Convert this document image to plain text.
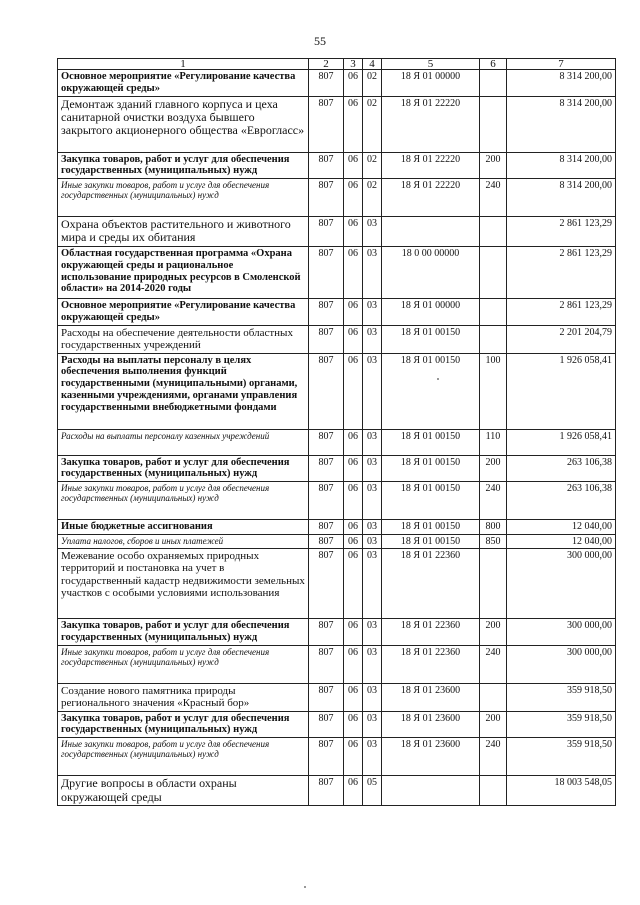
55
1	2	3	4	5	6	7
Основное мероприятие «Регулирование качества окружающей среды»	807	06	02	18 Я 01 00000		8 314 200,00
Демонтаж зданий главного корпуса и цеха санитарной очистки воздуха бывшего закрытого акционерного общества «Еврогласс»	807	06	02	18 Я 01 22220		8 314 200,00
Закупка товаров, работ и услуг для обеспечения государственных (муниципальных) нужд	807	06	02	18 Я 01 22220	200	8 314 200,00
Иные закупки товаров, работ и услуг для обеспечения государственных (муниципальных) нужд	807	06	02	18 Я 01 22220	240	8 314 200,00
Охрана объектов растительного и животного мира и среды их обитания	807	06	03			2 861 123,29
Областная государственная программа «Охрана окружающей среды и рациональное использование природных ресурсов в Смоленской области» на 2014-2020 годы	807	06	03	18 0 00 00000		2 861 123,29
Основное мероприятие «Регулирование качества окружающей среды»	807	06	03	18 Я 01 00000		2 861 123,29
Расходы на обеспечение деятельности областных государственных учреждений	807	06	03	18 Я 01 00150		2 201 204,79
Расходы на выплаты персоналу в целях обеспечения выполнения функций государственными (муниципальными) органами, казенными учреждениями, органами управления государственными внебюджетными фондами	807	06	03	18 Я 01 00150	100	1 926 058,41
Расходы на выплаты персоналу казенных учреждений	807	06	03	18 Я 01 00150	110	1 926 058,41
Закупка товаров, работ и услуг для обеспечения государственных (муниципальных) нужд	807	06	03	18 Я 01 00150	200	263 106,38
Иные закупки товаров, работ и услуг для обеспечения государственных (муниципальных) нужд	807	06	03	18 Я 01 00150	240	263 106,38
Иные бюджетные ассигнования	807	06	03	18 Я 01 00150	800	12 040,00
Уплата налогов, сборов и иных платежей	807	06	03	18 Я 01 00150	850	12 040,00
Межевание особо охраняемых природных территорий и постановка на учет в государственный кадастр недвижимости земельных участков с особыми условиями использования	807	06	03	18 Я 01 22360		300 000,00
Закупка товаров, работ и услуг для обеспечения государственных (муниципальных) нужд	807	06	03	18 Я 01 22360	200	300 000,00
Иные закупки товаров, работ и услуг для обеспечения государственных (муниципальных) нужд	807	06	03	18 Я 01 22360	240	300 000,00
Создание нового памятника природы регионального значения «Красный бор»	807	06	03	18 Я 01 23600		359 918,50
Закупка товаров, работ и услуг для обеспечения государственных (муниципальных) нужд	807	06	03	18 Я 01 23600	200	359 918,50
Иные закупки товаров, работ и услуг для обеспечения государственных (муниципальных) нужд	807	06	03	18 Я 01 23600	240	359 918,50
Другие вопросы в области охраны окружающей среды	807	06	05			18 003 548,05
